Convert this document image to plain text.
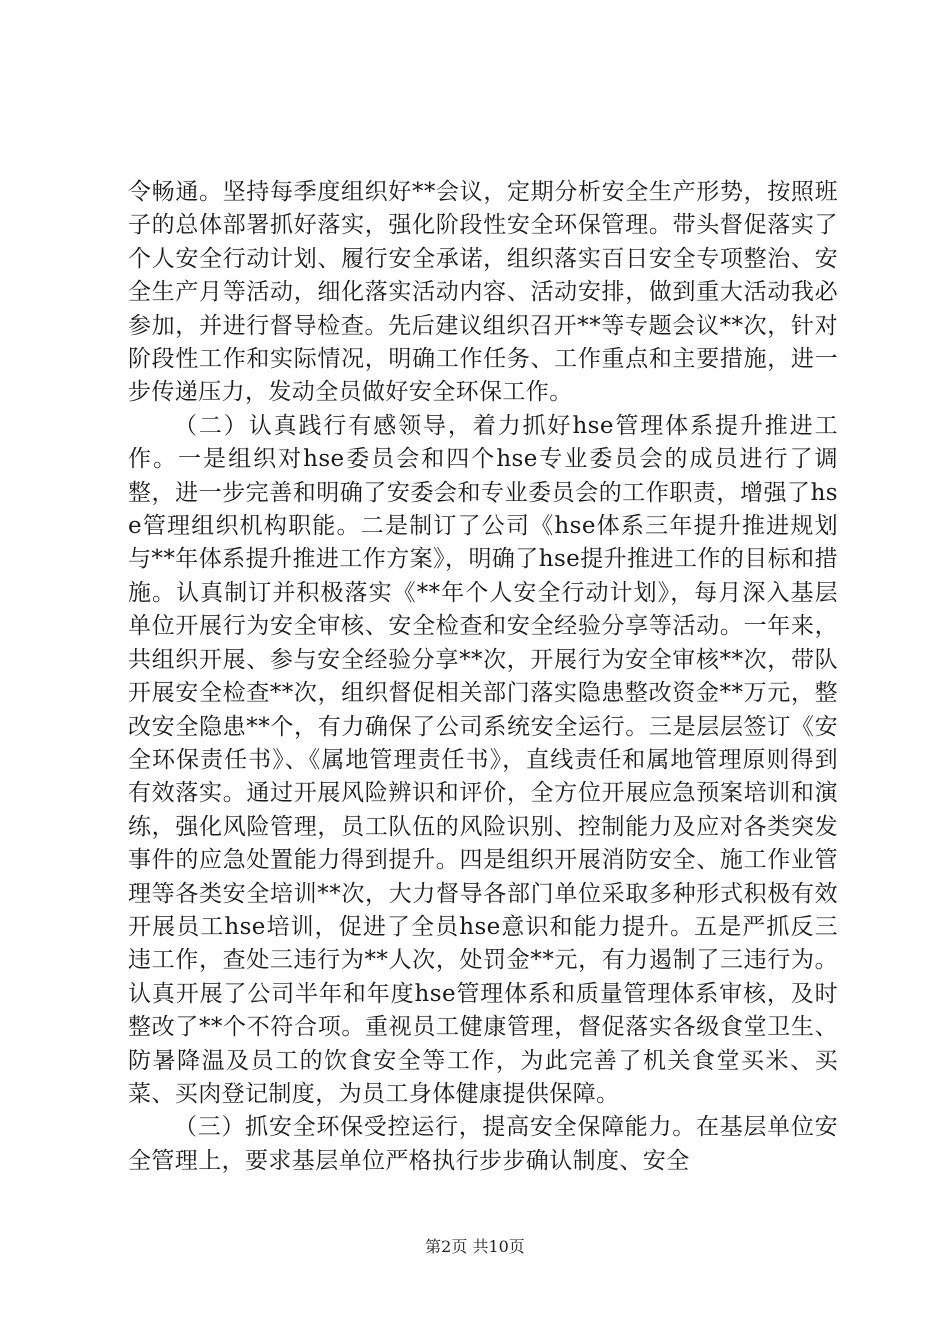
令畅通。坚持每季度组织好**会议，定期分析安全生产形势，按照班子的总体部署抓好落实，强化阶段性安全环保管理。带头督促落实了个人安全行动计划、履行安全承诺，组织落实百日安全专项整治、安全生产月等活动，细化落实活动内容、活动安排，做到重大活动我必参加，并进行督导检查。先后建议组织召开**等专题会议**次，针对阶段性工作和实际情况，明确工作任务、工作重点和主要措施，进一步传递压力，发动全员做好安全环保工作。

（二）认真践行有感领导，着力抓好hse管理体系提升推进工作。一是组织对hse委员会和四个hse专业委员会的成员进行了调整，进一步完善和明确了安委会和专业委员会的工作职责，增强了hse管理组织机构职能。二是制订了公司《hse体系三年提升推进规划与**年体系提升推进工作方案》，明确了hse提升推进工作的目标和措施。认真制订并积极落实《**年个人安全行动计划》，每月深入基层单位开展行为安全审核、安全检查和安全经验分享等活动。一年来，共组织开展、参与安全经验分享**次，开展行为安全审核**次，带队开展安全检查**次，组织督促相关部门落实隐患整改资金**万元，整改安全隐患**个，有力确保了公司系统安全运行。三是层层签订《安全环保责任书》、《属地管理责任书》，直线责任和属地管理原则得到有效落实。通过开展风险辨识和评价，全方位开展应急预案培训和演练，强化风险管理，员工队伍的风险识别、控制能力及应对各类突发事件的应急处置能力得到提升。四是组织开展消防安全、施工作业管理等各类安全培训**次，大力督导各部门单位采取多种形式积极有效开展员工hse培训，促进了全员hse意识和能力提升。五是严抓反三违工作，查处三违行为**人次，处罚金**元，有力遏制了三违行为。认真开展了公司半年和年度hse管理体系和质量管理体系审核，及时整改了**个不符合项。重视员工健康管理，督促落实各级食堂卫生、防暑降温及员工的饮食安全等工作，为此完善了机关食堂买米、买菜、买肉登记制度，为员工身体健康提供保障。

（三）抓安全环保受控运行，提高安全保障能力。在基层单位安全管理上，要求基层单位严格执行步步确认制度、安全

第2页 共10页
